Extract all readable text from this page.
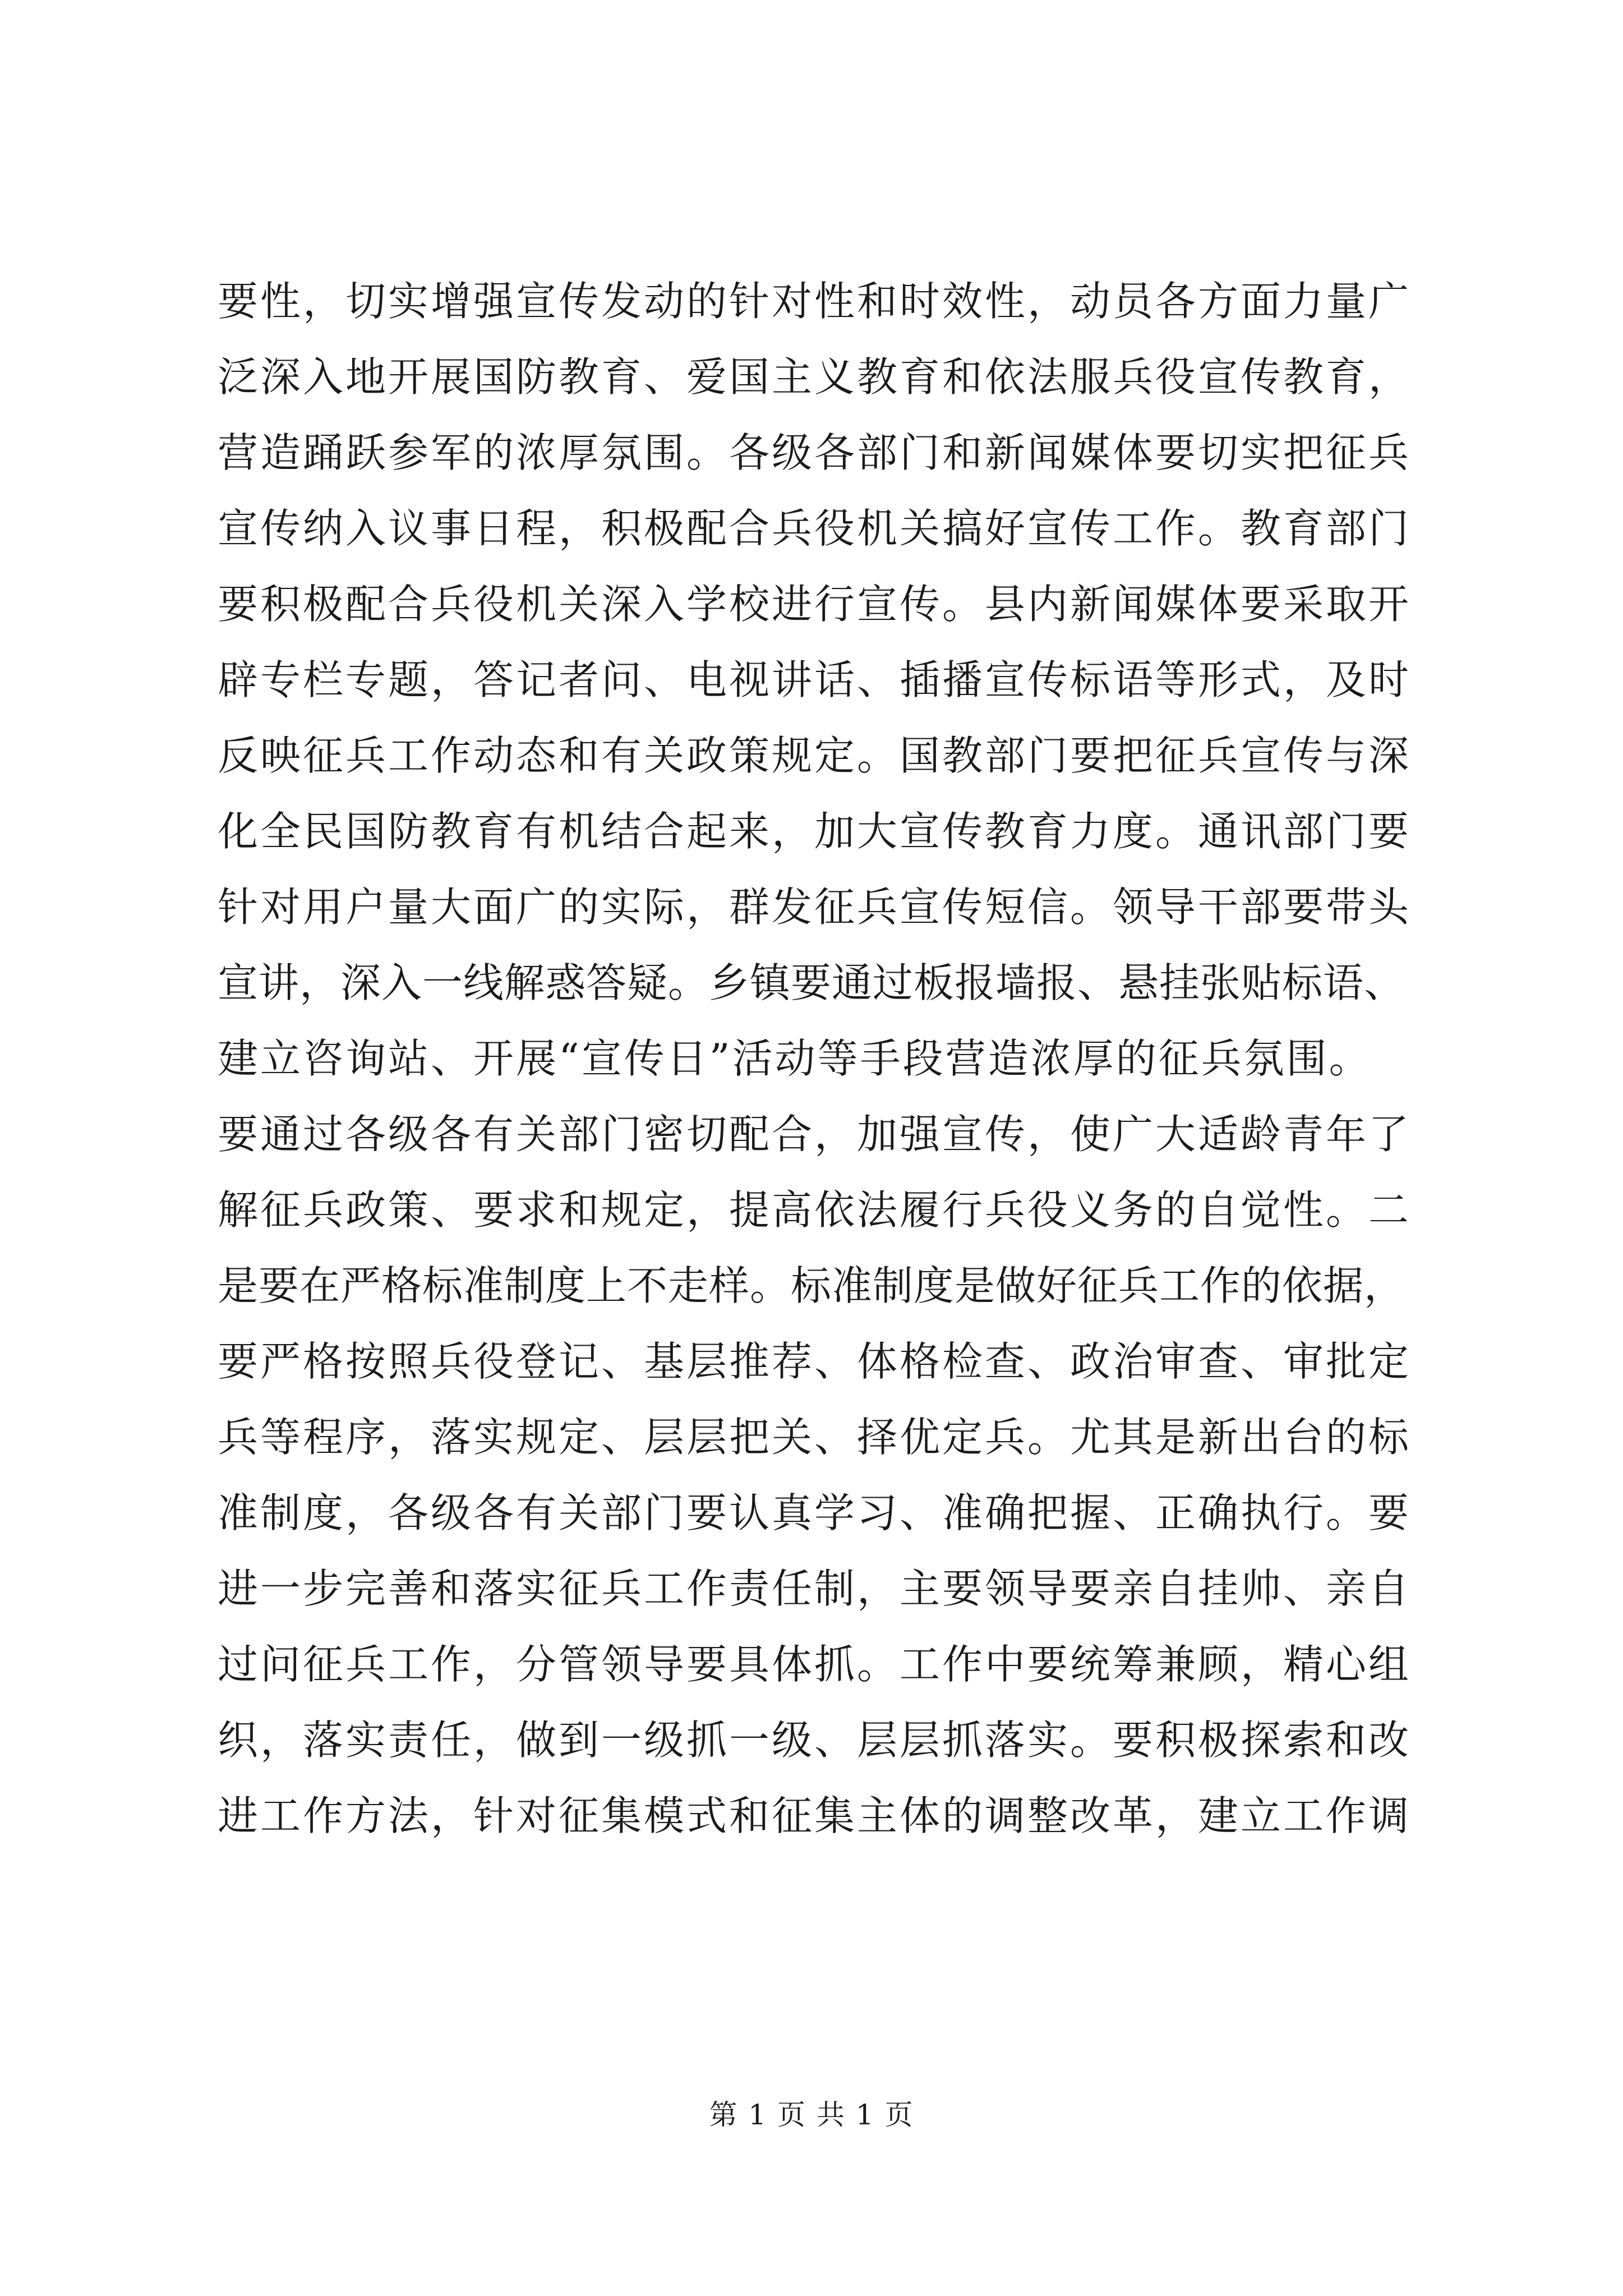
要性，切实增强宣传发动的针对性和时效性，动员各方面力量广
泛深入地开展国防教育、爱国主义教育和依法服兵役宣传教育，
营造踊跃参军的浓厚氛围。各级各部门和新闻媒体要切实把征兵
宣传纳入议事日程，积极配合兵役机关搞好宣传工作。教育部门
要积极配合兵役机关深入学校进行宣传。县内新闻媒体要采取开
辟专栏专题，答记者问、电视讲话、插播宣传标语等形式，及时
反映征兵工作动态和有关政策规定。国教部门要把征兵宣传与深
化全民国防教育有机结合起来，加大宣传教育力度。通讯部门要
针对用户量大面广的实际，群发征兵宣传短信。领导干部要带头
宣讲，深入一线解惑答疑。乡镇要通过板报墙报、悬挂张贴标语、
建立咨询站、开展“宣传日”活动等手段营造浓厚的征兵氛围。
要通过各级各有关部门密切配合，加强宣传，使广大适龄青年了
解征兵政策、要求和规定，提高依法履行兵役义务的自觉性。二
是要在严格标准制度上不走样。标准制度是做好征兵工作的依据，
要严格按照兵役登记、基层推荐、体格检查、政治审查、审批定
兵等程序，落实规定、层层把关、择优定兵。尤其是新出台的标
准制度，各级各有关部门要认真学习、准确把握、正确执行。要
进一步完善和落实征兵工作责任制，主要领导要亲自挂帅、亲自
过问征兵工作，分管领导要具体抓。工作中要统筹兼顾，精心组
织，落实责任，做到一级抓一级、层层抓落实。要积极探索和改
进工作方法，针对征集模式和征集主体的调整改革，建立工作调
第 1 页 共 1 页
